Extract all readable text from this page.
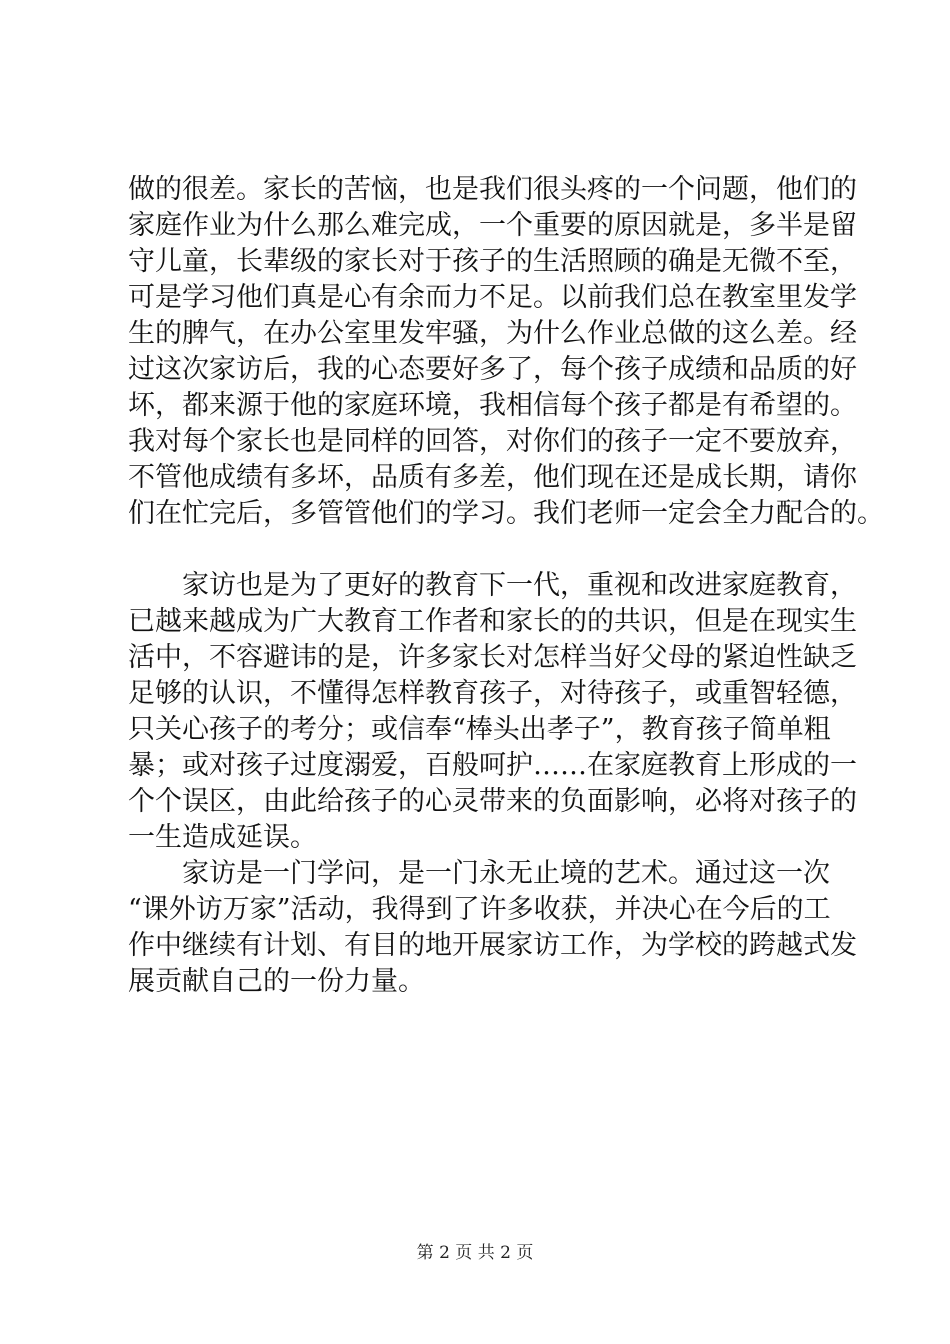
做的很差。家长的苦恼，也是我们很头疼的一个问题，他们的
家庭作业为什么那么难完成，一个重要的原因就是，多半是留
守儿童，长辈级的家长对于孩子的生活照顾的确是无微不至，
可是学习他们真是心有余而力不足。以前我们总在教室里发学
生的脾气，在办公室里发牢骚，为什么作业总做的这么差。经
过这次家访后，我的心态要好多了，每个孩子成绩和品质的好
坏，都来源于他的家庭环境，我相信每个孩子都是有希望的。
我对每个家长也是同样的回答，对你们的孩子一定不要放弃，
不管他成绩有多坏，品质有多差，他们现在还是成长期，请你
们在忙完后，多管管他们的学习。我们老师一定会全力配合的。
家访也是为了更好的教育下一代，重视和改进家庭教育，
已越来越成为广大教育工作者和家长的的共识，但是在现实生
活中，不容避讳的是，许多家长对怎样当好父母的紧迫性缺乏
足够的认识，不懂得怎样教育孩子，对待孩子，或重智轻德，
只关心孩子的考分；或信奉“棒头出孝子”，教育孩子简单粗
暴；或对孩子过度溺爱，百般呵护……在家庭教育上形成的一
个个误区，由此给孩子的心灵带来的负面影响，必将对孩子的
一生造成延误。
家访是一门学问，是一门永无止境的艺术。通过这一次
“课外访万家”活动，我得到了许多收获，并决心在今后的工
作中继续有计划、有目的地开展家访工作，为学校的跨越式发
展贡献自己的一份力量。
第 2 页 共 2 页
